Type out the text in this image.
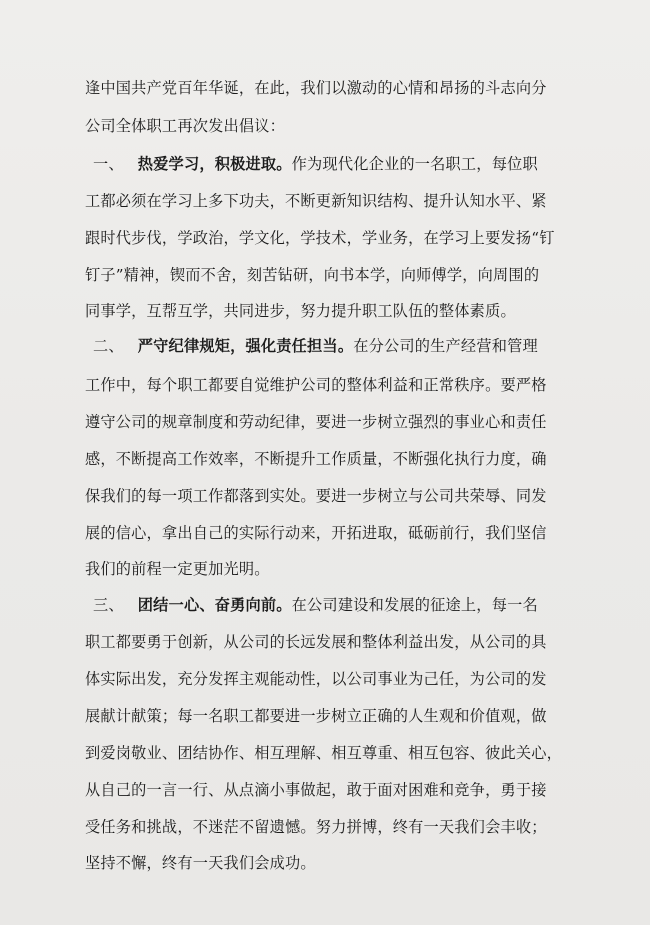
逢中国共产党百年华诞，在此，我们以激动的心情和昂扬的斗志向分
公司全体职工再次发出倡议：
一、 热爱学习，积极进取。作为现代化企业的一名职工，每位职
工都必须在学习上多下功夫，不断更新知识结构、提升认知水平、紧
跟时代步伐，学政治，学文化，学技术，学业务，在学习上要发扬“钉
钉子”精神，锲而不舍，刻苦钻研，向书本学，向师傅学，向周围的
同事学，互帮互学，共同进步，努力提升职工队伍的整体素质。
二、 严守纪律规矩，强化责任担当。在分公司的生产经营和管理
工作中，每个职工都要自觉维护公司的整体利益和正常秩序。要严格
遵守公司的规章制度和劳动纪律，要进一步树立强烈的事业心和责任
感，不断提高工作效率，不断提升工作质量，不断强化执行力度，确
保我们的每一项工作都落到实处。要进一步树立与公司共荣辱、同发
展的信心，拿出自己的实际行动来，开拓进取，砥砺前行，我们坚信
我们的前程一定更加光明。
三、 团结一心、奋勇向前。在公司建设和发展的征途上，每一名
职工都要勇于创新，从公司的长远发展和整体利益出发，从公司的具
体实际出发，充分发挥主观能动性，以公司事业为己任，为公司的发
展献计献策；每一名职工都要进一步树立正确的人生观和价值观，做
到爱岗敬业、团结协作、相互理解、相互尊重、相互包容、彼此关心，
从自己的一言一行、从点滴小事做起，敢于面对困难和竞争，勇于接
受任务和挑战，不迷茫不留遗憾。努力拼博，终有一天我们会丰收；
坚持不懈，终有一天我们会成功。
